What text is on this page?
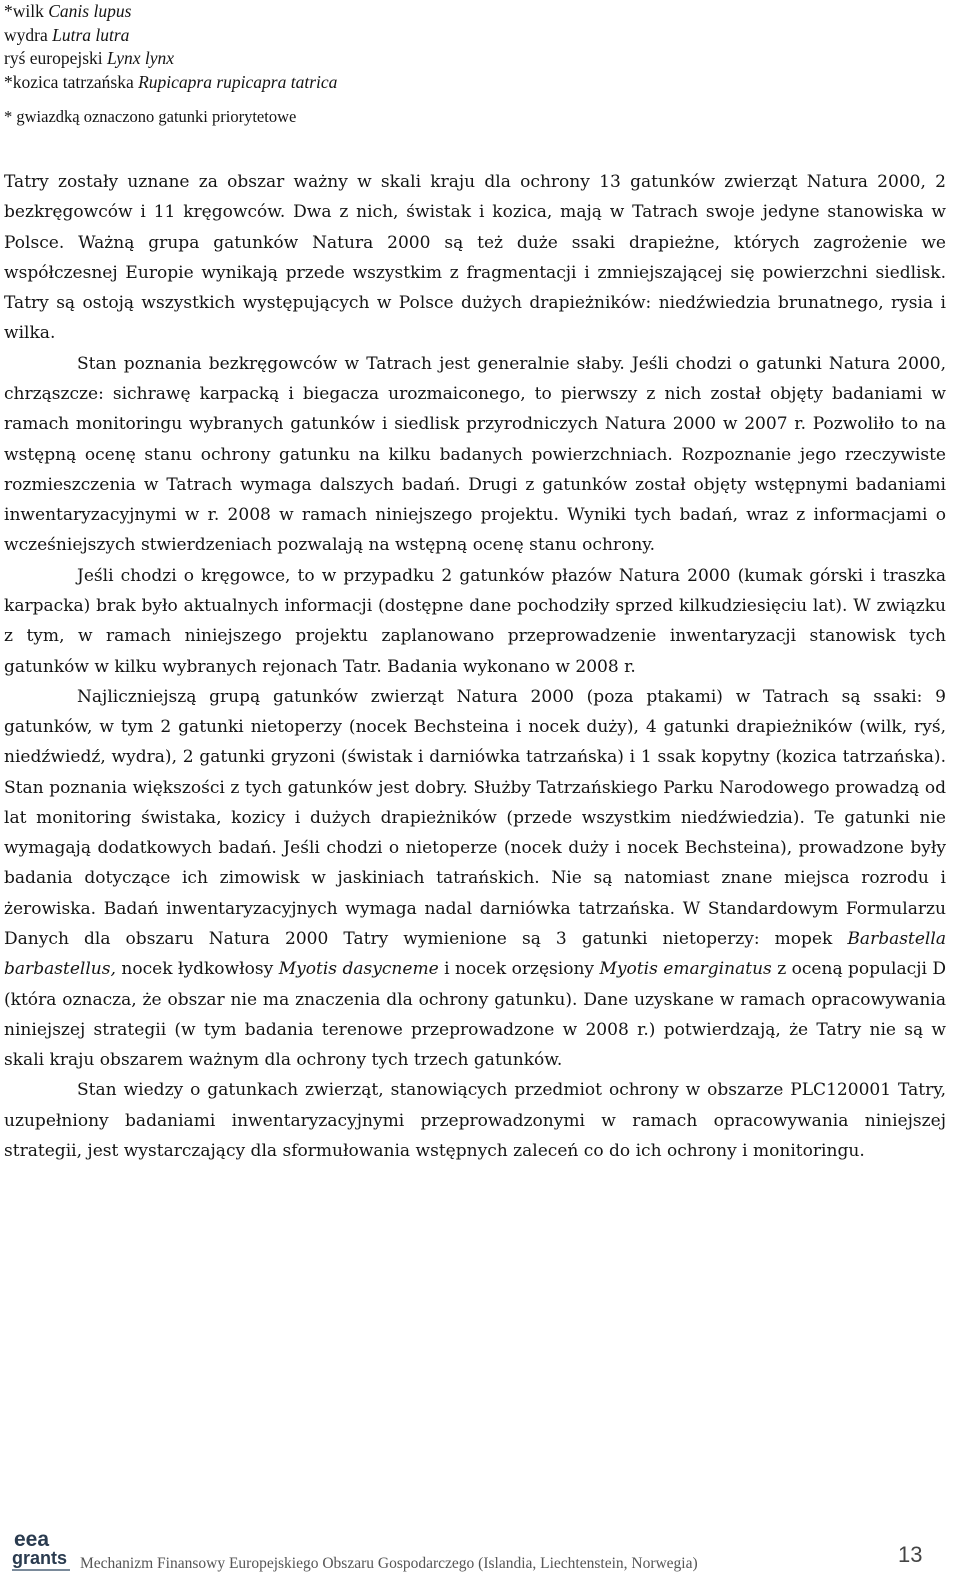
*wilk Canis lupus
wydra Lutra lutra
ryś europejski Lynx lynx
*kozica tatrzańska Rupicapra rupicapra tatrica
* gwiazdką oznaczono gatunki priorytetowe

Tatry zostały uznane za obszar ważny w skali kraju dla ochrony 13 gatunków zwierząt Natura 2000, 2 bezkręgowców i 11 kręgowców. Dwa z nich, świstak i kozica, mają w Tatrach swoje jedyne stanowiska w Polsce. Ważną grupa gatunków Natura 2000 są też duże ssaki drapieżne, których zagrożenie we współczesnej Europie wynikają przede wszystkim z fragmentacji i zmniejszającej się powierzchni siedlisk. Tatry są ostoją wszystkich występujących w Polsce dużych drapieżników: niedźwiedzia brunatnego, rysia i wilka.

Stan poznania bezkręgowców w Tatrach jest generalnie słaby. Jeśli chodzi o gatunki Natura 2000, chrząszcze: sichrawę karpacką i biegacza urozmaiconego, to pierwszy z nich został objęty badaniami w ramach monitoringu wybranych gatunków i siedlisk przyrodniczych Natura 2000 w 2007 r. Pozwoliło to na wstępną ocenę stanu ochrony gatunku na kilku badanych powierzchniach. Rozpoznanie jego rzeczywiste rozmieszczenia w Tatrach wymaga dalszych badań. Drugi z gatunków został objęty wstępnymi badaniami inwentaryzacyjnymi w r. 2008 w ramach niniejszego projektu. Wyniki tych badań, wraz z informacjami o wcześniejszych stwierdzeniach pozwalają na wstępną ocenę stanu ochrony.

Jeśli chodzi o kręgowce, to w przypadku 2 gatunków płazów Natura 2000 (kumak górski i traszka karpacka) brak było aktualnych informacji (dostępne dane pochodziły sprzed kilkudziesięciu lat). W związku z tym, w ramach niniejszego projektu zaplanowano przeprowadzenie inwentaryzacji stanowisk tych gatunków w kilku wybranych rejonach Tatr. Badania wykonano w 2008 r.

Najliczniejszą grupą gatunków zwierząt Natura 2000 (poza ptakami) w Tatrach są ssaki: 9 gatunków, w tym 2 gatunki nietoperzy (nocek Bechsteina i nocek duży), 4 gatunki drapieżników (wilk, ryś, niedźwiedź, wydra), 2 gatunki gryzoni (świstak i darniówka tatrzańska) i 1 ssak kopytny (kozica tatrzańska). Stan poznania większości z tych gatunków jest dobry. Służby Tatrzańskiego Parku Narodowego prowadzą od lat monitoring świstaka, kozicy i dużych drapieżników (przede wszystkim niedźwiedzia). Te gatunki nie wymagają dodatkowych badań. Jeśli chodzi o nietoperze (nocek duży i nocek Bechsteina), prowadzone były badania dotyczące ich zimowisk w jaskiniach tatrańskich. Nie są natomiast znane miejsca rozrodu i żerowiska. Badań inwentaryzacyjnych wymaga nadal darniówka tatrzańska. W Standardowym Formularzu Danych dla obszaru Natura 2000 Tatry wymienione są 3 gatunki nietoperzy: mopek Barbastella barbastellus, nocek łydkowłosy Myotis dasycneme i nocek orzęsiony Myotis emarginatus z oceną populacji D (która oznacza, że obszar nie ma znaczenia dla ochrony gatunku). Dane uzyskane w ramach opracowywania niniejszej strategii (w tym badania terenowe przeprowadzone w 2008 r.) potwierdzają, że Tatry nie są w skali kraju obszarem ważnym dla ochrony tych trzech gatunków.

Stan wiedzy o gatunkach zwierząt, stanowiących przedmiot ochrony w obszarze PLC120001 Tatry, uzupełniony badaniami inwentaryzacyjnymi przeprowadzonymi w ramach opracowywania niniejszej strategii, jest wystarczający dla sformułowania wstępnych zaleceń co do ich ochrony i monitoringu.

eea
grants Mechanizm Finansowy Europejskiego Obszaru Gospodarczego (Islandia, Liechtenstein, Norwegia)	13
